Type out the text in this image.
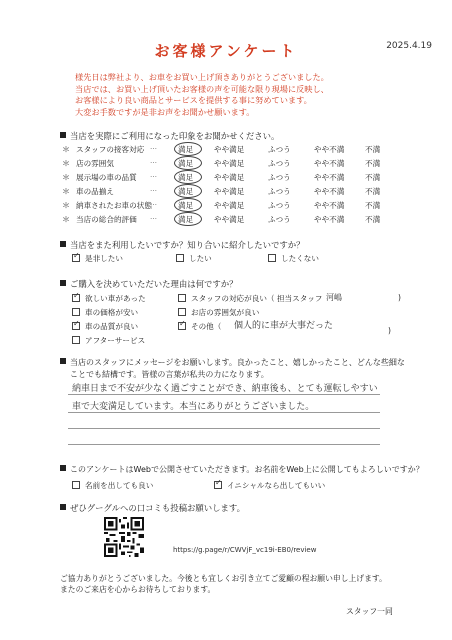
お客様アンケート	2025.4.19
様先日は弊社より、お車をお買い上げ頂きありがとうございました。
当店では、お買い上げ頂いたお客様の声を可能な限り現場に反映し、
お客様により良い商品とサービスを提供する事に努めています。
大変お手数ですが是非お声をお聞かせ願います。
当店を実際にご利用になった印象をお聞かせください。
＊ スタッフの接客対応 …	満足	やや満足	ふつう	やや不満	不満
＊ 店の雰囲気	…	満足	やや満足	ふつう	やや不満	不満
＊ 展示場の車の品質 …	満足	やや満足	ふつう	やや不満	不満
＊ 車の品揃え	…	満足	やや満足	ふつう	やや不満	不満
＊ 納車されたお車の状態
…	満足	やや満足	ふつう	やや不満	不満
＊ 当店の総合的評価 …	満足	やや満足	ふつう	やや不満	不満
当店をまた利用したいですか？知り合いに紹介したいですか？
✓是非したい	したい	したくない
ご購入を決めていただいた理由は何ですか？
✓欲しい車があった
車の価格が安い
✓車の品質が良い
アフターサービス
スタッフの対応が良い（ 担当スタッフ 河嶋	)
お店の雰囲気が良い
✓その他（ 個人的に車が大事だった	)
当店のスタッフにメッセージをお願いします。良かったこと、嬉しかったこと、どんな些細な
ことでも結構です。皆様の言葉が私共の力になります。
納車日まで不安が少なく過ごすことができ、納車後も、とても運転しやすい
車で大変満足しています。本当にありがとうございました。
このアンケートはWebで公開させていただきます。お名前をWeb上に公開してもよろしいですか？
名前を出しても良い
✓	イニシャルなら出してもいい
ぜひグーグルへの口コミも投稿お願いします。
https://g.page/r/CWVjF_vc19i-EB0/review
ご協力ありがとうございました。今後とも宜しくお引き立てご愛顧の程お願い申し上げます。
またのご来店を心からお待ちしております。
スタッフ一同
